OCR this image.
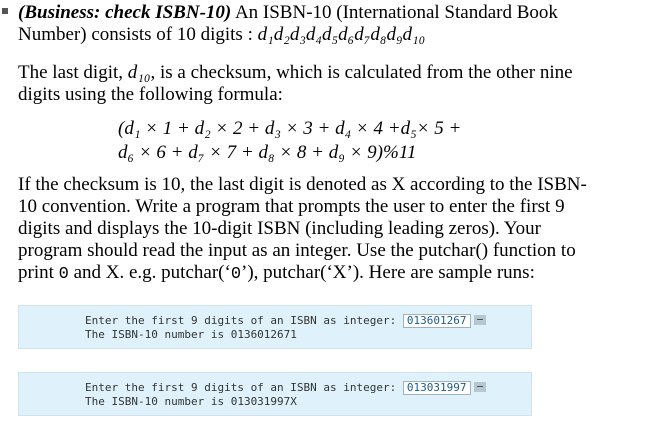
(Business: check ISBN-10) An ISBN-10 (International Standard Book
Number) consists of 10 digits : d₁d₂d₃d₄d₅d₆d₇d₈d₉d₁₀
The last digit, d₁₀, is a checksum, which is calculated from the other nine
digits using the following formula:
(d₁ × 1 + d₂ × 2 + d₃ × 3 + d₄ × 4 +d₅× 5 +
d₆ × 6 + d₇ × 7 + d₈ × 8 + d₉ × 9)%11
If the checksum is 10, the last digit is denoted as X according to the ISBN-
10 convention. Write a program that prompts the user to enter the first 9
digits and displays the 10-digit ISBN (including leading zeros). Your
program should read the input as an integer. Use the putchar() function to
print 0 and X. e.g. putchar(‘0’), putchar(‘X’). Here are sample runs:
Enter the first 9 digits of an ISBN as integer: 013601267
The ISBN-10 number is 0136012671
Enter the first 9 digits of an ISBN as integer: 013031997
The ISBN-10 number is 013031997X
